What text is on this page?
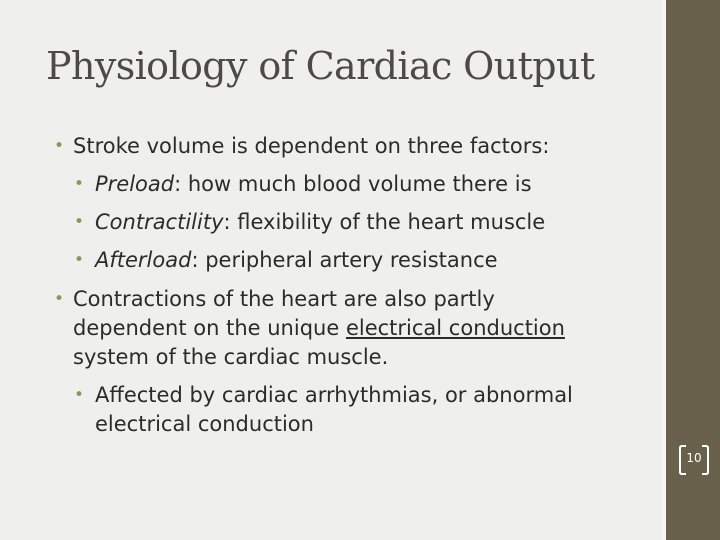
Physiology of Cardiac Output

• Stroke volume is dependent on three factors:

• Preload: how much blood volume there is

• Contractility: flexibility of the heart muscle

• Afterload: peripheral artery resistance

• Contractions of the heart are also partly
dependent on the unique electrical conduction
system of the cardiac muscle.

• Affected by cardiac arrhythmias, or abnormal
electrical conduction

10
